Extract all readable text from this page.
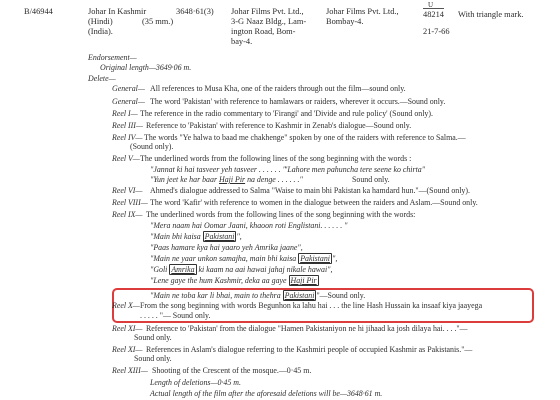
B/46944	Johar In Kashmir
(Hindi)
(India).
(35 mm.)
3648·61(3) Johar Films Pvt. Ltd.,
3-G Naaz Bldg., Lam-
ington Road, Bom-
bay-4.
Johar Films Pvt. Ltd.,
Bombay-4.
U
48214
21-7-66
With triangle mark.
Endorsement—
Original length—3649·06 m.
Delete—
General— All references to Musa Kha, one of the raiders through out the film—sound only.
General— The word 'Pakistan' with reference to hamlawars or raiders, wherever it occurs.—Sound only.
Reel I— The reference in the radio commentary to 'Firangi' and 'Divide and rule policy' (Sound only).
Reel III— Reference to 'Pakistan' with reference to Kashmir in Zenab's dialogue—Sound only.
Reel IV— The words "Ye halwa to baad me chakhenge" spoken by one of the raiders with reference to Salma.—
(Sound only).
Reel V— The underlined words from the following lines of the song beginning with the words :
"Jannat ki hai tasveer yeh tasveer . . . . . . "
"Lahore men pahuncha tere seene ko chirta"
"Yun jeet ke har baar Haji Pir na denge . . . . . ."	Sound only.
Reel VI— Ahmed's dialogue addressed to Salma "Waise to main bhi Pakistan ka hamdard hun."—(Sound only).
Reel VIII— The word 'Kafir' with reference to women in the dialogue between the raiders and Aslam.—Sound only.
Reel IX— The underlined words from the following lines of the song beginning with the words:
"Mera naam hai Oomar Jaani, khaoon roti Englistani. . . . . . "
"Main bhi kaisa Pakistani ",
"Paas hamare kya hai yaaro yeh Amrika jaane",
"Main ne yaar unkon samajha, main bhi kaisa Pakistani ",
"Goli Amrika ki kaam na aai hawai jahaj nikale hawai",
"Lene gaye the hum Kashmir, deka aa gaye Haji Pir
"Main ne toba kar li bhai, main to thehra Pakistani "—Sound only.
Reel X— From the song beginning with words Begunhon ka lahu hai . . . the line Hash Hussain ka insaaf kiya jaayega
. . . . . "— Sound only.
Reel XI— Reference to 'Pakistan' from the dialogue "Hamen Pakistaniyon ne hi jihaad ka josh dilaya hai. . . ."—
Sound only.
Reel XI— References in Aslam's dialogue referring to the Kashmiri people of occupied Kashmir as Pakistanis."—
Sound only.
Reel XIII— Shooting of the Crescent of the mosque.—0·45 m.
Length of deletions—0·45 m.
Actual length of the film after the aforesaid deletions will be—3648·61 m.
